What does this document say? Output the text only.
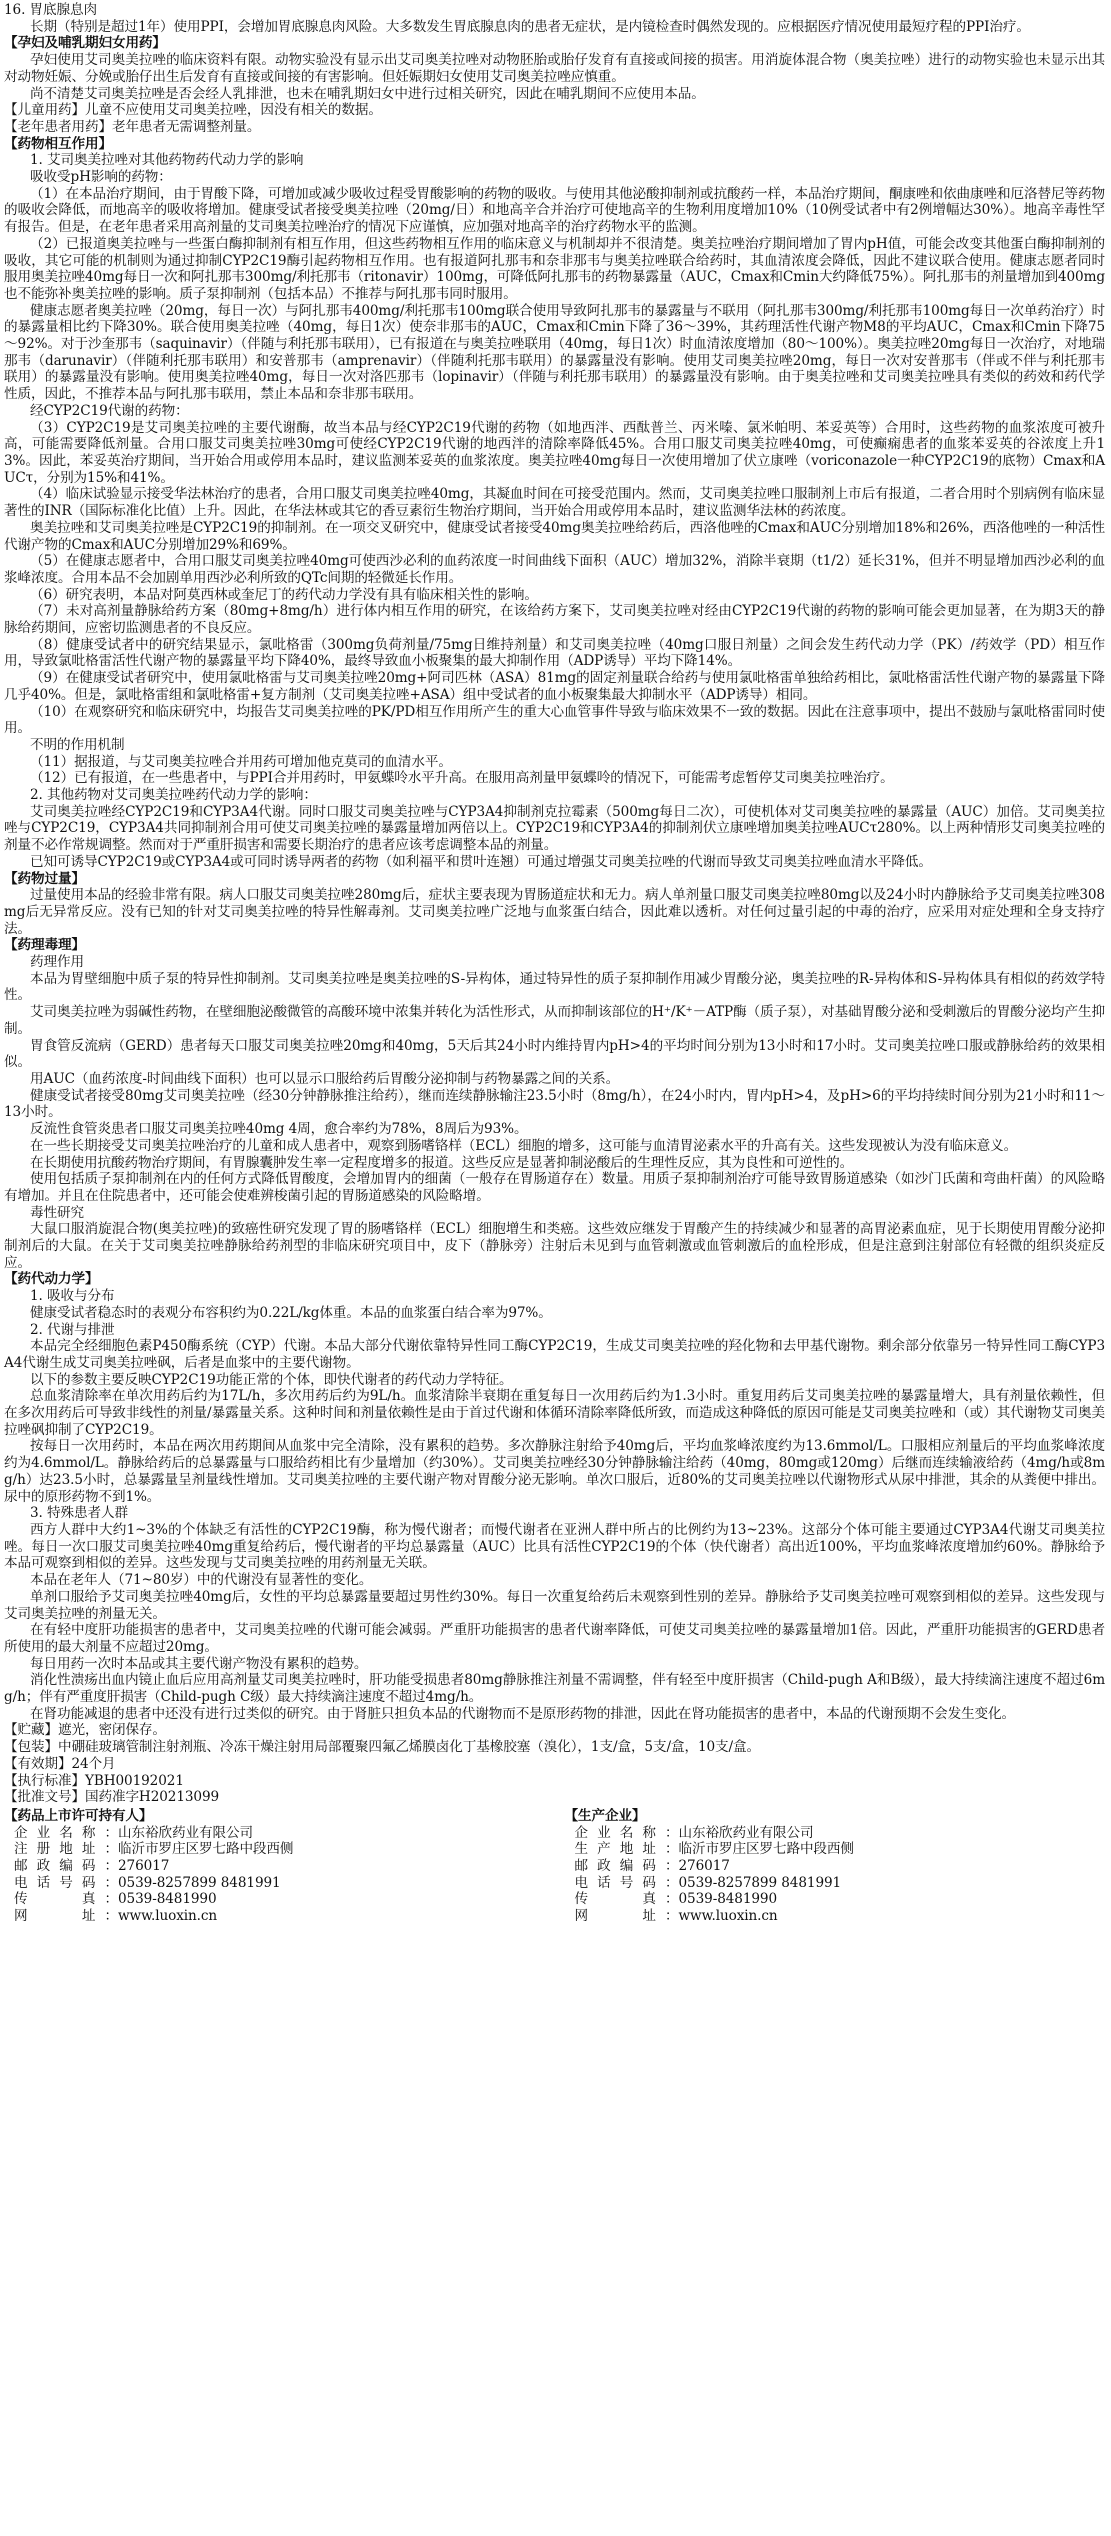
16. 胃底腺息肉

长期（特别是超过1年）使用PPI，会增加胃底腺息肉风险。大多数发生胃底腺息肉的患者无症状，是内镜检查时偶然发现的。应根据医疗情况使用最短疗程的PPI治疗。

【孕妇及哺乳期妇女用药】

孕妇使用艾司奥美拉唑的临床资料有限。动物实验没有显示出艾司奥美拉唑对动物胚胎或胎仔发育有直接或间接的损害。用消旋体混合物（奥美拉唑）进行的动物实验也未显示出其对动物妊娠、分娩或胎仔出生后发育有直接或间接的有害影响。但妊娠期妇女使用艾司奥美拉唑应慎重。

尚不清楚艾司奥美拉唑是否会经人乳排泄，也未在哺乳期妇女中进行过相关研究，因此在哺乳期间不应使用本品。

【儿童用药】儿童不应使用艾司奥美拉唑，因没有相关的数据。

【老年患者用药】老年患者无需调整剂量。

【药物相互作用】

1. 艾司奥美拉唑对其他药物药代动力学的影响

吸收受pH影响的药物：

（1）在本品治疗期间，由于胃酸下降，可增加或减少吸收过程受胃酸影响的药物的吸收。与使用其他泌酸抑制剂或抗酸药一样，本品治疗期间，酮康唑和依曲康唑和厄洛替尼等药物的吸收会降低，而地高辛的吸收将增加。健康受试者接受奥美拉唑（20mg/日）和地高辛合并治疗可使地高辛的生物利用度增加10%（10例受试者中有2例增幅达30%）。地高辛毒性罕有报告。但是，在老年患者采用高剂量的艾司奥美拉唑治疗的情况下应谨慎，应加强对地高辛的治疗药物水平的监测。

（2）已报道奥美拉唑与一些蛋白酶抑制剂有相互作用，但这些药物相互作用的临床意义与机制却并不很清楚。奥美拉唑治疗期间增加了胃内pH值，可能会改变其他蛋白酶抑制剂的吸收，其它可能的机制则为通过抑制CYP2C19酶引起药物相互作用。也有报道阿扎那韦和奈非那韦与奥美拉唑联合给药时，其血清浓度会降低，因此不建议联合使用。健康志愿者同时服用奥美拉唑40mg每日一次和阿扎那韦300mg/利托那韦（ritonavir）100mg，可降低阿扎那韦的药物暴露量（AUC，Cmax和Cmin大约降低75%）。阿扎那韦的剂量增加到400mg也不能弥补奥美拉唑的影响。质子泵抑制剂（包括本品）不推荐与阿扎那韦同时服用。

健康志愿者奥美拉唑（20mg，每日一次）与阿扎那韦400mg/利托那韦100mg联合使用导致阿扎那韦的暴露量与不联用（阿扎那韦300mg/利托那韦100mg每日一次单药治疗）时的暴露量相比约下降30%。联合使用奥美拉唑（40mg，每日1次）使奈非那韦的AUC，Cmax和Cmin下降了36～39%，其药理活性代谢产物M8的平均AUC，Cmax和Cmin下降75～92%。对于沙奎那韦（saquinavir）（伴随与利托那韦联用），已有报道在与奥美拉唑联用（40mg，每日1次）时血清浓度增加（80～100%）。奥美拉唑20mg每日一次治疗，对地瑞那韦（darunavir）（伴随利托那韦联用）和安普那韦（amprenavir）（伴随利托那韦联用）的暴露量没有影响。使用艾司奥美拉唑20mg，每日一次对安普那韦（伴或不伴与利托那韦联用）的暴露量没有影响。使用奥美拉唑40mg，每日一次对洛匹那韦（lopinavir）（伴随与利托那韦联用）的暴露量没有影响。由于奥美拉唑和艾司奥美拉唑具有类似的药效和药代学性质，因此，不推荐本品与阿扎那韦联用，禁止本品和奈非那韦联用。

经CYP2C19代谢的药物：

（3）CYP2C19是艾司奥美拉唑的主要代谢酶，故当本品与经CYP2C19代谢的药物（如地西泮、西酞普兰、丙米嗪、氯米帕明、苯妥英等）合用时，这些药物的血浆浓度可被升高，可能需要降低剂量。合用口服艾司奥美拉唑30mg可使经CYP2C19代谢的地西泮的清除率降低45%。合用口服艾司奥美拉唑40mg，可使癫痫患者的血浆苯妥英的谷浓度上升13%。因此，苯妥英治疗期间，当开始合用或停用本品时，建议监测苯妥英的血浆浓度。奥美拉唑40mg每日一次使用增加了伏立康唑（voriconazole一种CYP2C19的底物）Cmax和AUCτ，分别为15%和41%。

（4）临床试验显示接受华法林治疗的患者，合用口服艾司奥美拉唑40mg，其凝血时间在可接受范围内。然而，艾司奥美拉唑口服制剂上市后有报道，二者合用时个别病例有临床显著性的INR（国际标准化比值）上升。因此，在华法林或其它的香豆素衍生物治疗期间，当开始合用或停用本品时，建议监测华法林的药浓度。

奥美拉唑和艾司奥美拉唑是CYP2C19的抑制剂。在一项交叉研究中，健康受试者接受40mg奥美拉唑给药后，西洛他唑的Cmax和AUC分别增加18%和26%，西洛他唑的一种活性代谢产物的Cmax和AUC分别增加29%和69%。

（5）在健康志愿者中，合用口服艾司奥美拉唑40mg可使西沙必利的血药浓度一时间曲线下面积（AUC）增加32%，消除半衰期（t1/2）延长31%，但并不明显增加西沙必利的血浆峰浓度。合用本品不会加剧单用西沙必利所致的QTc间期的轻微延长作用。

（6）研究表明，本品对阿莫西林或奎尼丁的药代动力学没有具有临床相关性的影响。

（7）未对高剂量静脉给药方案（80mg+8mg/h）进行体内相互作用的研究，在该给药方案下，艾司奥美拉唑对经由CYP2C19代谢的药物的影响可能会更加显著，在为期3天的静脉给药期间，应密切监测患者的不良反应。

（8）健康受试者中的研究结果显示，氯吡格雷（300mg负荷剂量/75mg日维持剂量）和艾司奥美拉唑（40mg口服日剂量）之间会发生药代动力学（PK）/药效学（PD）相互作用，导致氯吡格雷活性代谢产物的暴露量平均下降40%，最终导致血小板聚集的最大抑制作用（ADP诱导）平均下降14%。

（9）在健康受试者研究中，使用氯吡格雷与艾司奥美拉唑20mg+阿司匹林（ASA）81mg的固定剂量联合给药与使用氯吡格雷单独给药相比，氯吡格雷活性代谢产物的暴露量下降几乎40%。但是，氯吡格雷组和氯吡格雷+复方制剂（艾司奥美拉唑+ASA）组中受试者的血小板聚集最大抑制水平（ADP诱导）相同。

（10）在观察研究和临床研究中，均报告艾司奥美拉唑的PK/PD相互作用所产生的重大心血管事件导致与临床效果不一致的数据。因此在注意事项中，提出不鼓励与氯吡格雷同时使用。

不明的作用机制

（11）据报道，与艾司奥美拉唑合并用药可增加他克莫司的血清水平。

（12）已有报道，在一些患者中，与PPI合并用药时，甲氨蝶呤水平升高。在服用高剂量甲氨蝶呤的情况下，可能需考虑暂停艾司奥美拉唑治疗。

2. 其他药物对艾司奥美拉唑药代动力学的影响：

艾司奥美拉唑经CYP2C19和CYP3A4代谢。同时口服艾司奥美拉唑与CYP3A4抑制剂克拉霉素（500mg每日二次），可使机体对艾司奥美拉唑的暴露量（AUC）加倍。艾司奥美拉唑与CYP2C19，CYP3A4共同抑制剂合用可使艾司奥美拉唑的暴露量增加两倍以上。CYP2C19和CYP3A4的抑制剂伏立康唑增加奥美拉唑AUCτ280%。以上两种情形艾司奥美拉唑的剂量不必作常规调整。然而对于严重肝损害和需要长期治疗的患者应该考虑调整本品的剂量。

已知可诱导CYP2C19或CYP3A4或可同时诱导两者的药物（如利福平和贯叶连翘）可通过增强艾司奥美拉唑的代谢而导致艾司奥美拉唑血清水平降低。

【药物过量】

过量使用本品的经验非常有限。病人口服艾司奥美拉唑280mg后，症状主要表现为胃肠道症状和无力。病人单剂量口服艾司奥美拉唑80mg以及24小时内静脉给予艾司奥美拉唑308mg后无异常反应。没有已知的针对艾司奥美拉唑的特异性解毒剂。艾司奥美拉唑广泛地与血浆蛋白结合，因此难以透析。对任何过量引起的中毒的治疗，应采用对症处理和全身支持疗法。

【药理毒理】

药理作用

本品为胃壁细胞中质子泵的特异性抑制剂。艾司奥美拉唑是奥美拉唑的S-异构体，通过特异性的质子泵抑制作用减少胃酸分泌，奥美拉唑的R-异构体和S-异构体具有相似的药效学特性。

艾司奥美拉唑为弱碱性药物，在壁细胞泌酸微管的高酸环境中浓集并转化为活性形式，从而抑制该部位的H⁺/K⁺－ATP酶（质子泵），对基础胃酸分泌和受刺激后的胃酸分泌均产生抑制。

胃食管反流病（GERD）患者每天口服艾司奥美拉唑20mg和40mg，5天后其24小时内维持胃内pH>4的平均时间分别为13小时和17小时。艾司奥美拉唑口服或静脉给药的效果相似。

用AUC（血药浓度-时间曲线下面积）也可以显示口服给药后胃酸分泌抑制与药物暴露之间的关系。

健康受试者接受80mg艾司奥美拉唑（经30分钟静脉推注给药），继而连续静脉输注23.5小时（8mg/h），在24小时内，胃内pH>4，及pH>6的平均持续时间分别为21小时和11～13小时。

反流性食管炎患者口服艾司奥美拉唑40mg 4周，愈合率约为78%，8周后为93%。

在一些长期接受艾司奥美拉唑治疗的儿童和成人患者中，观察到肠嗜铬样（ECL）细胞的增多，这可能与血清胃泌素水平的升高有关。这些发现被认为没有临床意义。

在长期使用抗酸药物治疗期间，有胃腺囊肿发生率一定程度增多的报道。这些反应是显著抑制泌酸后的生理性反应，其为良性和可逆性的。

使用包括质子泵抑制剂在内的任何方式降低胃酸度，会增加胃内的细菌（一般存在胃肠道存在）数量。用质子泵抑制剂治疗可能导致胃肠道感染（如沙门氏菌和弯曲杆菌）的风险略有增加。并且在住院患者中，还可能会使难辨梭菌引起的胃肠道感染的风险略增。

毒性研究

大鼠口服消旋混合物(奥美拉唑)的致癌性研究发现了胃的肠嗜铬样（ECL）细胞增生和类癌。这些效应继发于胃酸产生的持续减少和显著的高胃泌素血症，见于长期使用胃酸分泌抑制剂后的大鼠。在关于艾司奥美拉唑静脉给药剂型的非临床研究项目中，皮下（静脉旁）注射后未见到与血管刺激或血管刺激后的血栓形成，但是注意到注射部位有轻微的组织炎症反应。

【药代动力学】

1. 吸收与分布

健康受试者稳态时的表观分布容积约为0.22L/kg体重。本品的血浆蛋白结合率为97%。

2. 代谢与排泄

本品完全经细胞色素P450酶系统（CYP）代谢。本品大部分代谢依靠特异性同工酶CYP2C19，生成艾司奥美拉唑的羟化物和去甲基代谢物。剩余部分依靠另一特异性同工酶CYP3A4代谢生成艾司奥美拉唑砜，后者是血浆中的主要代谢物。

以下的参数主要反映CYP2C19功能正常的个体，即快代谢者的药代动力学特征。

总血浆清除率在单次用药后约为17L/h，多次用药后约为9L/h。血浆清除半衰期在重复每日一次用药后约为1.3小时。重复用药后艾司奥美拉唑的暴露量增大，具有剂量依赖性，但在多次用药后可导致非线性的剂量/暴露量关系。这种时间和剂量依赖性是由于首过代谢和体循环清除率降低所致，而造成这种降低的原因可能是艾司奥美拉唑和（或）其代谢物艾司奥美拉唑砜抑制了CYP2C19。

按每日一次用药时，本品在两次用药期间从血浆中完全清除，没有累积的趋势。多次静脉注射给予40mg后，平均血浆峰浓度约为13.6mmol/L。口服相应剂量后的平均血浆峰浓度约为4.6mmol/L。静脉给药后的总暴露量与口服给药相比有少量增加（约30%）。艾司奥美拉唑经30分钟静脉输注给药（40mg，80mg或120mg）后继而连续输液给药（4mg/h或8mg/h）达23.5小时，总暴露量呈剂量线性增加。艾司奥美拉唑的主要代谢产物对胃酸分泌无影响。单次口服后，近80%的艾司奥美拉唑以代谢物形式从尿中排泄，其余的从粪便中排出。尿中的原形药物不到1%。

3. 特殊患者人群

西方人群中大约1~3%的个体缺乏有活性的CYP2C19酶，称为慢代谢者；而慢代谢者在亚洲人群中所占的比例约为13~23%。这部分个体可能主要通过CYP3A4代谢艾司奥美拉唑。每日一次口服艾司奥美拉唑40mg重复给药后，慢代谢者的平均总暴露量（AUC）比具有活性CYP2C19的个体（快代谢者）高出近100%，平均血浆峰浓度增加约60%。静脉给予本品可观察到相似的差异。这些发现与艾司奥美拉唑的用药剂量无关联。

本品在老年人（71~80岁）中的代谢没有显著性的变化。

单剂口服给予艾司奥美拉唑40mg后，女性的平均总暴露量要超过男性约30%。每日一次重复给药后未观察到性别的差异。静脉给予艾司奥美拉唑可观察到相似的差异。这些发现与艾司奥美拉唑的剂量无关。

在有轻中度肝功能损害的患者中，艾司奥美拉唑的代谢可能会减弱。严重肝功能损害的患者代谢率降低，可使艾司奥美拉唑的暴露量增加1倍。因此，严重肝功能损害的GERD患者所使用的最大剂量不应超过20mg。

每日用药一次时本品或其主要代谢产物没有累积的趋势。

消化性溃疡出血内镜止血后应用高剂量艾司奥美拉唑时，肝功能受损患者80mg静脉推注剂量不需调整，伴有轻至中度肝损害（Child-pugh A和B级），最大持续滴注速度不超过6mg/h；伴有严重度肝损害（Child-pugh C级）最大持续滴注速度不超过4mg/h。

在肾功能减退的患者中还没有进行过类似的研究。由于肾脏只担负本品的代谢物而不是原形药物的排泄，因此在肾功能损害的患者中，本品的代谢预期不会发生变化。

【贮藏】遮光，密闭保存。

【包装】中硼硅玻璃管制注射剂瓶、冷冻干燥注射用局部覆聚四氟乙烯膜卤化丁基橡胶塞（溴化），1支/盒，5支/盒，10支/盒。

【有效期】24个月

【执行标准】YBH00192021

【批准文号】国药准字H20213099

【药品上市许可持有人】

企业名称： 山东裕欣药业有限公司
注册地址： 临沂市罗庄区罗七路中段西侧
邮政编码： 276017
电话号码： 0539-8257899 8481991
传　　真： 0539-8481990
网　　址： www.luoxin.cn

【生产企业】

企业名称： 山东裕欣药业有限公司
生产地址： 临沂市罗庄区罗七路中段西侧
邮政编码： 276017
电话号码： 0539-8257899 8481991
传　　真： 0539-8481990
网　　址： www.luoxin.cn
